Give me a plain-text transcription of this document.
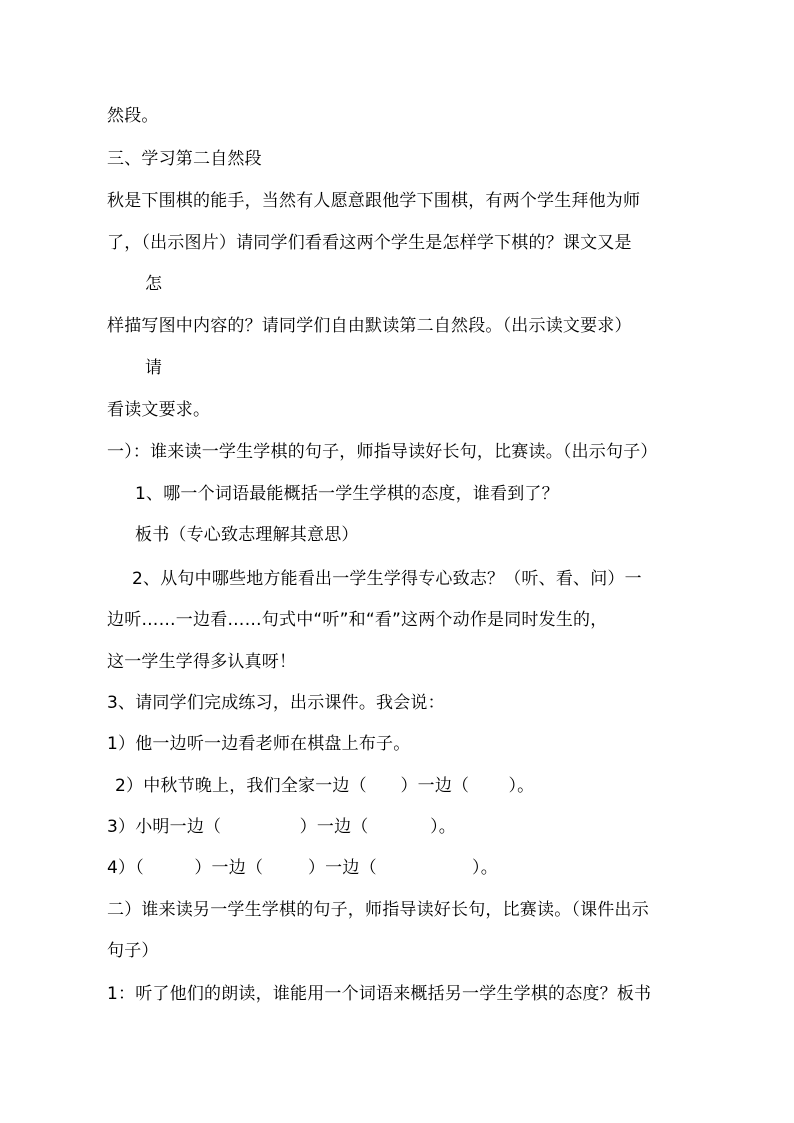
然段。

三、学习第二自然段

秋是下围棋的能手，当然有人愿意跟他学下围棋，有两个学生拜他为师

了，（出示图片）请同学们看看这两个学生是怎样学下棋的？课文又是

怎

样描写图中内容的？请同学们自由默读第二自然段。（出示读文要求）

请

看读文要求。

一）：谁来读一学生学棋的句子，师指导读好长句，比赛读。（出示句子）

1、哪一个词语最能概括一学生学棋的态度，谁看到了？

板书（专心致志理解其意思）

2、从句中哪些地方能看出一学生学得专心致志？（听、看、问）一

边听……一边看……句式中“听”和“看”这两个动作是同时发生的，

这一学生学得多认真呀！

3、请同学们完成练习，出示课件。我会说：

1）他一边听一边看老师在棋盘上布子。

2）中秋节晚上，我们全家一边（      ）一边（       ）。

3）小明一边（              ）一边（           ）。

4）（         ）一边（        ）一边（                 ）。

二）谁来读另一学生学棋的句子，师指导读好长句，比赛读。（课件出示

句子）

1：听了他们的朗读，谁能用一个词语来概括另一学生学棋的态度？板书
